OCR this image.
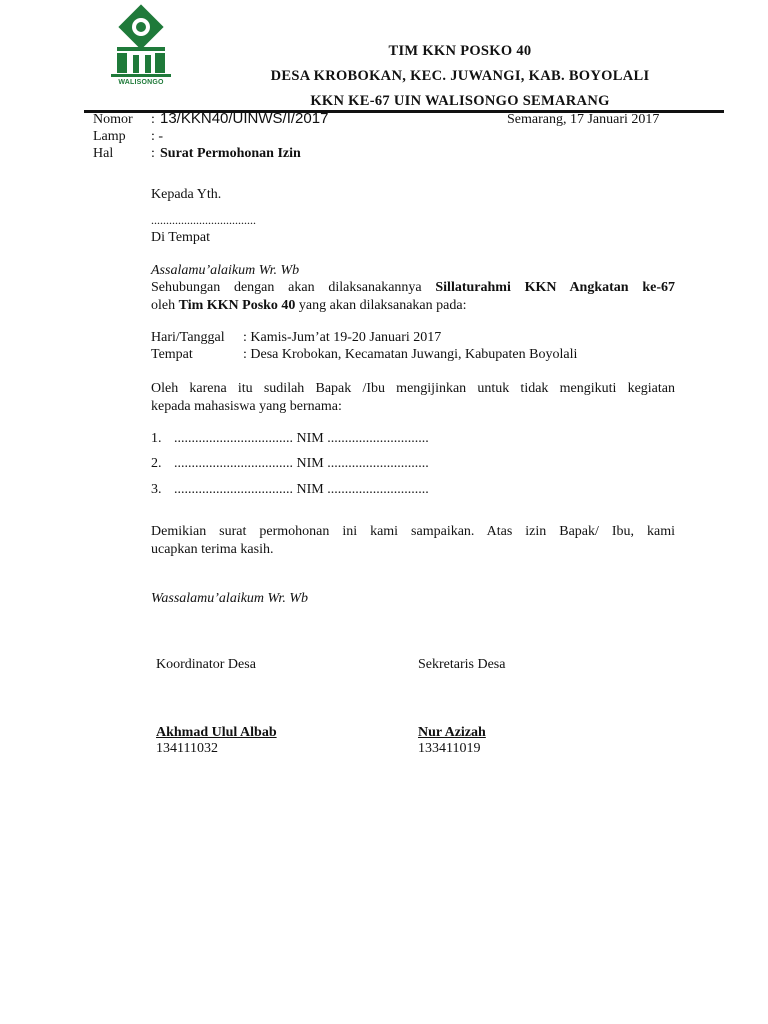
WALISONGO
TIM KKN POSKO 40
DESA KROBOKAN, KEC. JUWANGI, KAB. BOYOLALI
KKN KE-67 UIN WALISONGO SEMARANG
Nomor : 13/KKN40/UINWS/I/2017	Semarang, 17 Januari 2017
Lamp : -
Hal	: Surat Permohonan Izin
Kepada Yth.
...................................
Di Tempat
Assalamu’alaikum Wr. Wb
Sehubungan dengan akan dilaksanakannya Sillaturahmi KKN Angkatan ke-67
oleh Tim KKN Posko 40 yang akan dilaksanakan pada:
Hari/Tanggal : Kamis-Jum’at 19-20 Januari 2017
Tempat	: Desa Krobokan, Kecamatan Juwangi, Kabupaten Boyolali
Oleh karena itu sudilah Bapak /Ibu mengijinkan untuk tidak mengikuti kegiatan
kepada mahasiswa yang bernama:
1. .................................. NIM .............................
2. .................................. NIM .............................
3. .................................. NIM .............................
Demikian surat permohonan ini kami sampaikan. Atas izin Bapak/ Ibu, kami
ucapkan terima kasih.
Wassalamu’alaikum Wr. Wb
Koordinator Desa	Sekretaris Desa
Akhmad Ulul Albab	Nur Azizah
134111032	133411019
